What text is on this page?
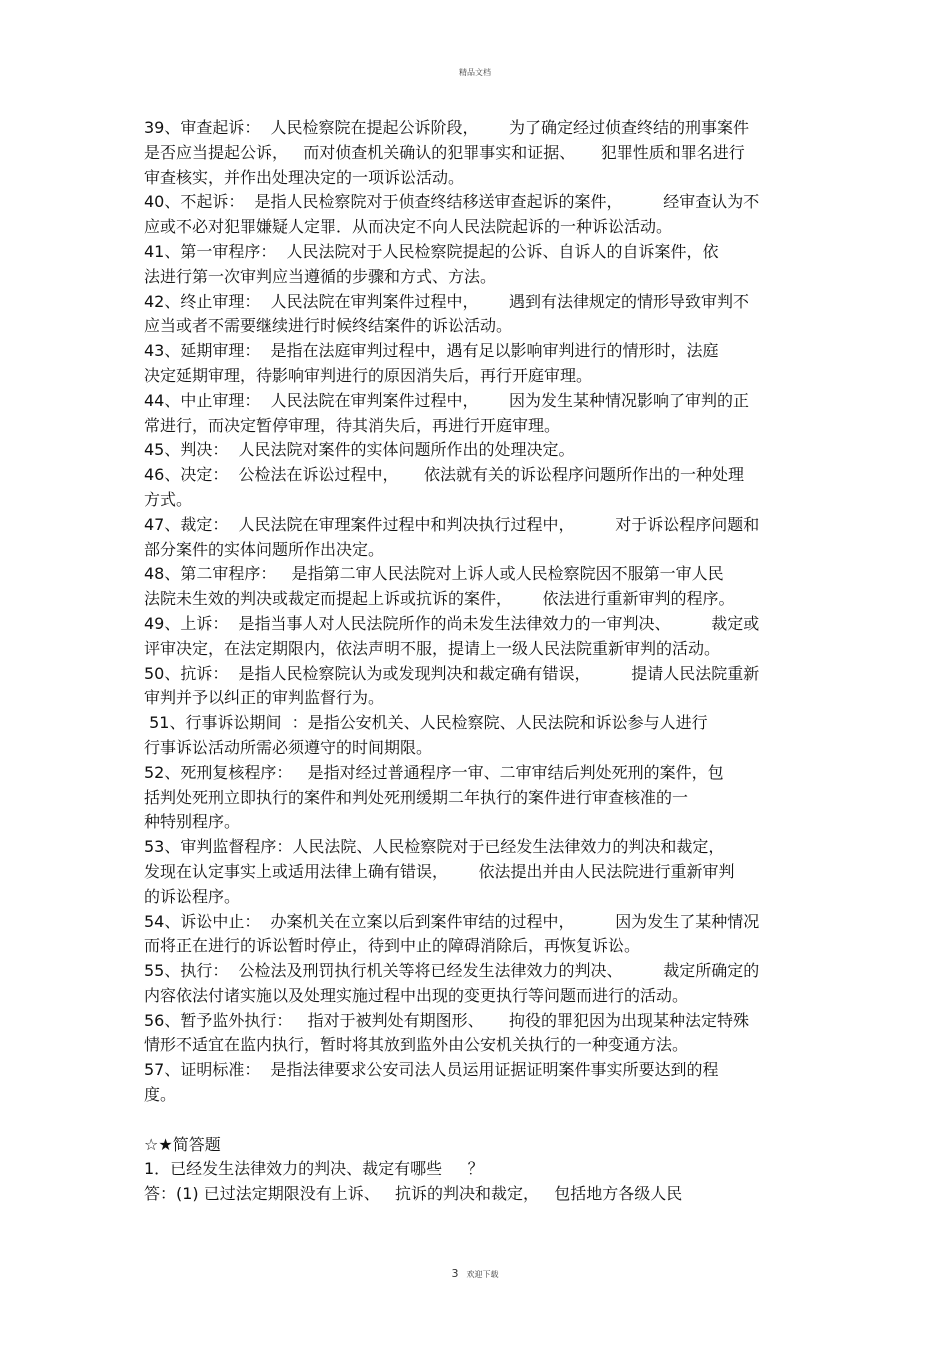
精品文档
39、审查起诉：  人民检察院在提起公诉阶段，      为了确定经过侦查终结的刑事案件
是否应当提起公诉，   而对侦查机关确认的犯罪事实和证据、     犯罪性质和罪名进行
审查核实，并作出处理决定的一项诉讼活动。
40、不起诉：  是指人民检察院对于侦查终结移送审查起诉的案件，        经审查认为不
应或不必对犯罪嫌疑人定罪．从而决定不向人民法院起诉的一种诉讼活动。
41、第一审程序：  人民法院对于人民检察院提起的公诉、自诉人的自诉案件，依
法进行第一次审判应当遵循的步骤和方式、方法。
42、终止审理：  人民法院在审判案件过程中，      遇到有法律规定的情形导致审判不
应当或者不需要继续进行时候终结案件的诉讼活动。
43、延期审理：  是指在法庭审判过程中，遇有足以影响审判进行的情形时，法庭
决定延期审理，待影响审判进行的原因消失后，再行开庭审理。
44、中止审理：  人民法院在审判案件过程中，      因为发生某种情况影响了审判的正
常进行，而决定暂停审理，待其消失后，再进行开庭审理。
45、判决：  人民法院对案件的实体问题所作出的处理决定。
46、决定：  公检法在诉讼过程中，     依法就有关的诉讼程序问题所作出的一种处理
方式。
47、裁定：  人民法院在审理案件过程中和判决执行过程中，        对于诉讼程序问题和
部分案件的实体问题所作出决定。
48、第二审程序：   是指第二审人民法院对上诉人或人民检察院因不服第一审人民
法院未生效的判决或裁定而提起上诉或抗诉的案件，      依法进行重新审判的程序。
49、上诉：  是指当事人对人民法院所作的尚未发生法律效力的一审判决、        裁定或
评审决定，在法定期限内，依法声明不服，提请上一级人民法院重新审判的活动。
50、抗诉：  是指人民检察院认为或发现判决和裁定确有错误，        提请人民法院重新
审判并予以纠正的审判监督行为。
51、行事诉讼期间  ：是指公安机关、人民检察院、人民法院和诉讼参与人进行
行事诉讼活动所需必须遵守的时间期限。
52、死刑复核程序：   是指对经过普通程序一审、二审审结后判处死刑的案件，包
括判处死刑立即执行的案件和判处死刑缓期二年执行的案件进行审查核准的一
种特别程序。
53、审判监督程序：人民法院、人民检察院对于已经发生法律效力的判决和裁定，
发现在认定事实上或适用法律上确有错误，      依法提出并由人民法院进行重新审判
的诉讼程序。
54、诉讼中止：  办案机关在立案以后到案件审结的过程中，        因为发生了某种情况
而将正在进行的诉讼暂时停止，待到中止的障碍消除后，再恢复诉讼。
55、执行：  公检法及刑罚执行机关等将已经发生法律效力的判决、        裁定所确定的
内容依法付诸实施以及处理实施过程中出现的变更执行等问题而进行的活动。
56、暂予监外执行：   指对于被判处有期图形、     拘役的罪犯因为出现某种法定特殊
情形不适宜在监内执行，暂时将其放到监外由公安机关执行的一种变通方法。
57、证明标准：  是指法律要求公安司法人员运用证据证明案件事实所要达到的程
度。
☆★简答题
1．已经发生法律效力的判决、裁定有哪些     ？
答：(1) 已过法定期限没有上诉、   抗诉的判决和裁定，   包括地方各级人民
3 欢迎下载
